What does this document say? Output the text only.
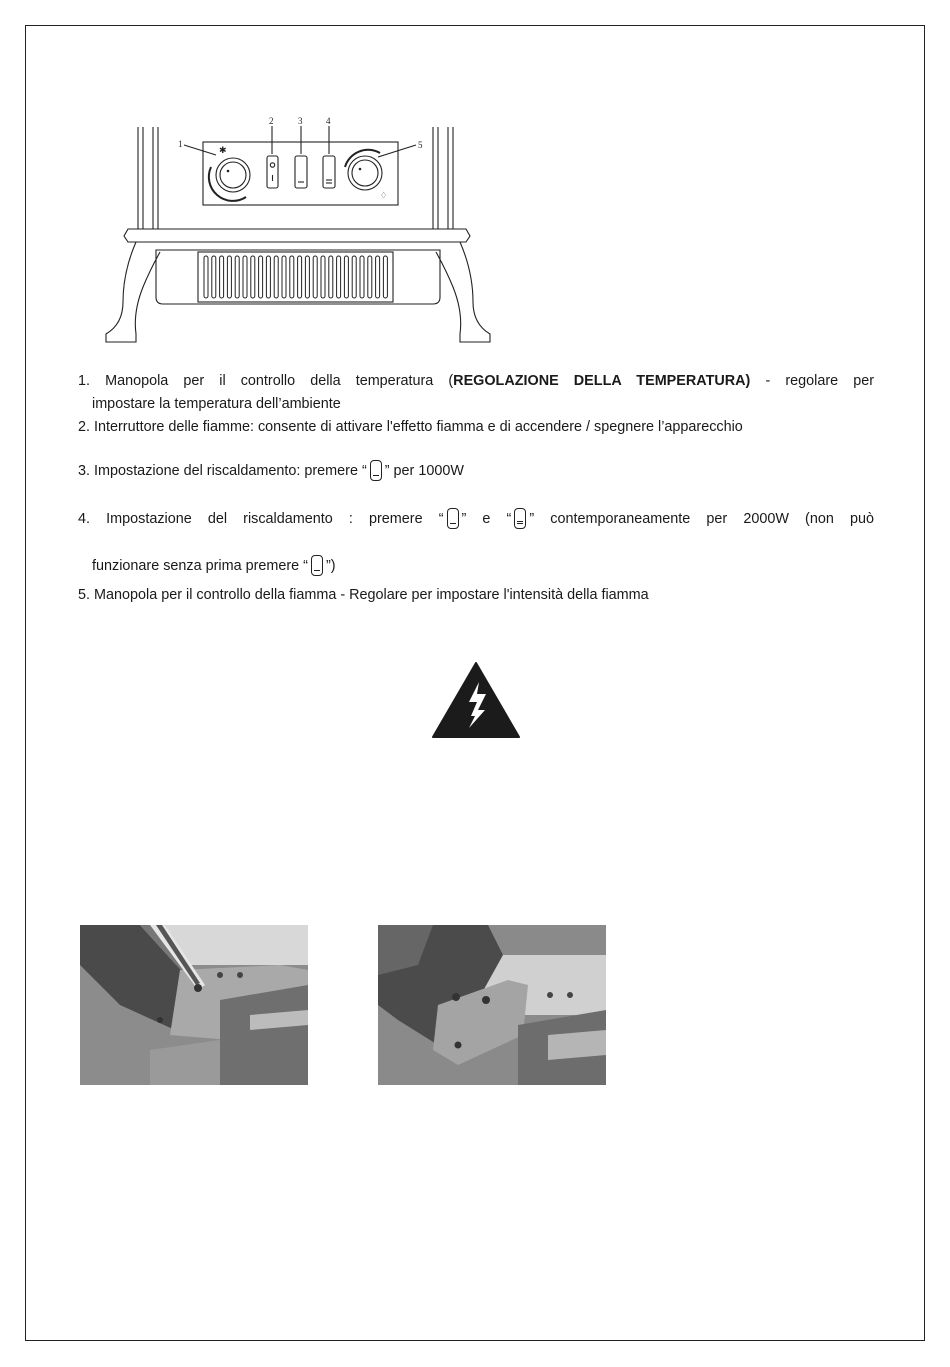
✱
♢
1
2	3	4
5
1. Manopola per il controllo della temperatura (REGOLAZIONE DELLA TEMPERATURA) - regolare per
impostare la temperatura dell’ambiente
2. Interruttore delle fiamme: consente di attivare l'effetto fiamma e di accendere / spegnere l’apparecchio
3. Impostazione del riscaldamento: premere “ ” per 1000W
4. Impostazione del riscaldamento : premere “ ” e “ ” contemporaneamente per 2000W (non può
funzionare senza prima premere “ ”)
5. Manopola per il controllo della fiamma - Regolare per impostare l'intensità della fiamma
